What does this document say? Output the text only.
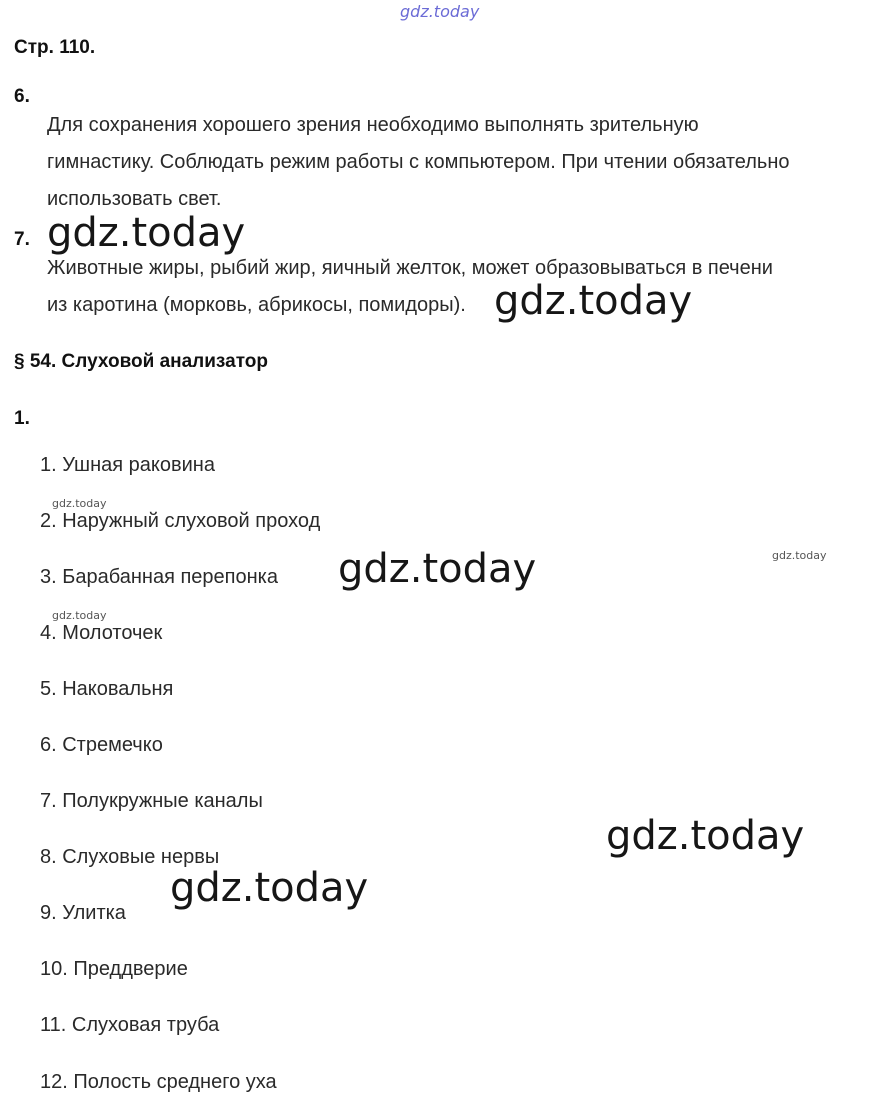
gdz.today
Стр. 110.
6.
Для сохранения хорошего зрения необходимо выполнять зрительную
гимнастику. Соблюдать режим работы с компьютером. При чтении обязательно
использовать свет.
7.
Животные жиры, рыбий жир, яичный желток, может образовываться в печени
из каротина (морковь, абрикосы, помидоры).
§ 54. Слуховой анализатор
1.
1. Ушная раковина
2. Наружный слуховой проход
3. Барабанная перепонка
4. Молоточек
5. Наковальня
6. Стремечко
7. Полукружные каналы
8. Слуховые нервы
9. Улитка
10. Преддверие
11. Слуховая труба
12. Полость среднего уха
gdz.today
gdz.today
gdz.today
gdz.today
gdz.today
gdz.today
gdz.today
gdz.today
